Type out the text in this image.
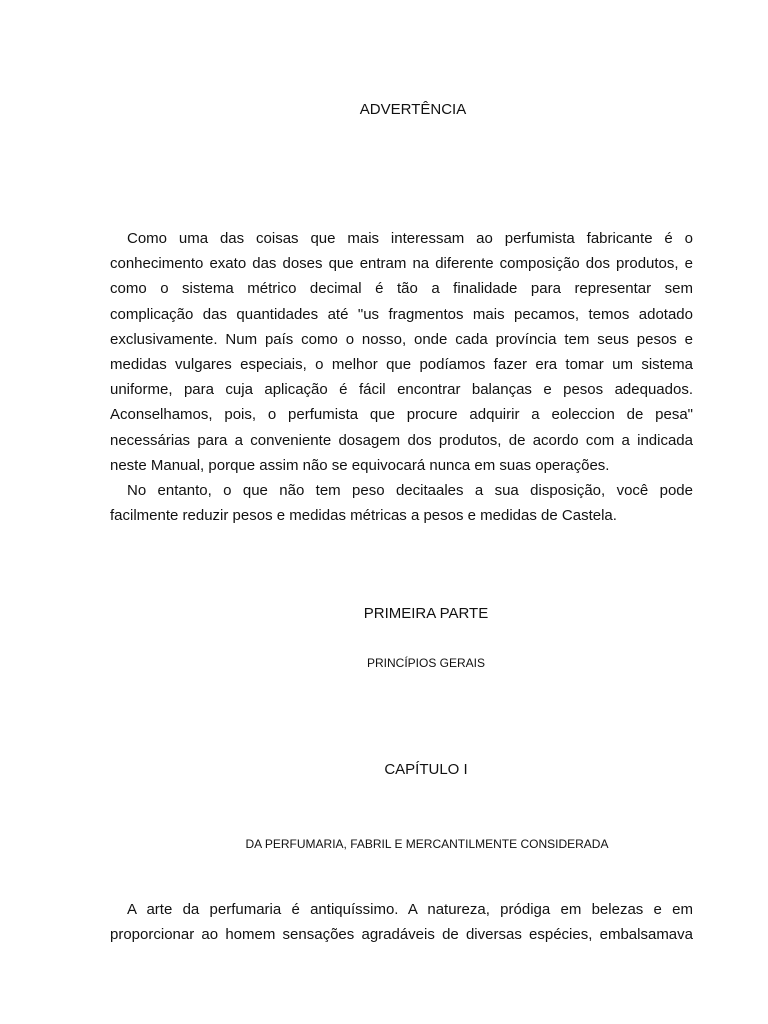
ADVERTÊNCIA
Como uma das coisas que mais interessam ao perfumista fabricante é o
conhecimento exato das doses que entram na diferente composição dos produtos, e
como o sistema métrico decimal é tão a finalidade para representar sem
complicação das quantidades até "us fragmentos mais pecamos, temos adotado
exclusivamente. Num país como o nosso, onde cada província tem seus pesos e
medidas vulgares especiais, o melhor que podíamos fazer era tomar um sistema
uniforme, para cuja aplicação é fácil encontrar balanças e pesos adequados.
Aconselhamos, pois, o perfumista que procure adquirir a eoleccion de pesa"
necessárias para a conveniente dosagem dos produtos, de acordo com a indicada
neste Manual, porque assim não se equivocará nunca em suas operações.
No entanto, o que não tem peso decitaales a sua disposição, você pode
facilmente reduzir pesos e medidas métricas a pesos e medidas de Castela.
PRIMEIRA PARTE
PRINCÍPIOS GERAIS
CAPÍTULO I
DA PERFUMARIA, FABRIL E MERCANTILMENTE CONSIDERADA
A arte da perfumaria é antiquíssimo. A natureza, pródiga em belezas e em
proporcionar ao homem sensações agradáveis de diversas espécies, embalsamava
